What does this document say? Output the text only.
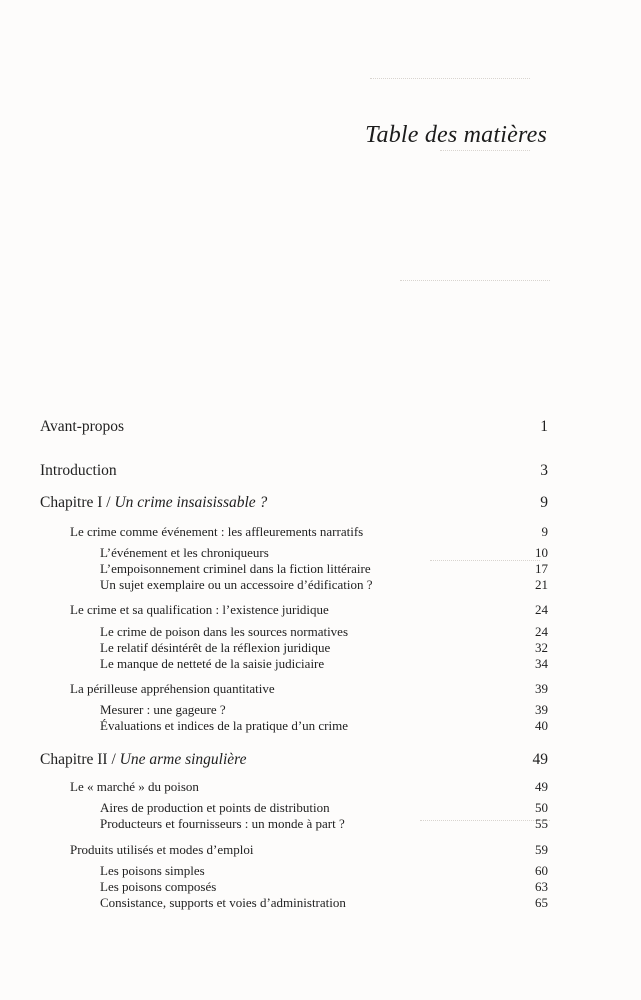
Table des matières
Avant-propos	1
Introduction	3
Chapitre I / Un crime insaisissable ?	9
Le crime comme événement : les affleurements narratifs	9
L’événement et les chroniqueurs	10
L’empoisonnement criminel dans la fiction littéraire	17
Un sujet exemplaire ou un accessoire d’édification ?	21
Le crime et sa qualification : l’existence juridique	24
Le crime de poison dans les sources normatives	24
Le relatif désintérêt de la réflexion juridique	32
Le manque de netteté de la saisie judiciaire	34
La périlleuse appréhension quantitative	39
Mesurer : une gageure ?	39
Évaluations et indices de la pratique d’un crime	40
Chapitre II / Une arme singulière	49
Le « marché » du poison	49
Aires de production et points de distribution	50
Producteurs et fournisseurs : un monde à part ?	55
Produits utilisés et modes d’emploi	59
Les poisons simples	60
Les poisons composés	63
Consistance, supports et voies d’administration	65
